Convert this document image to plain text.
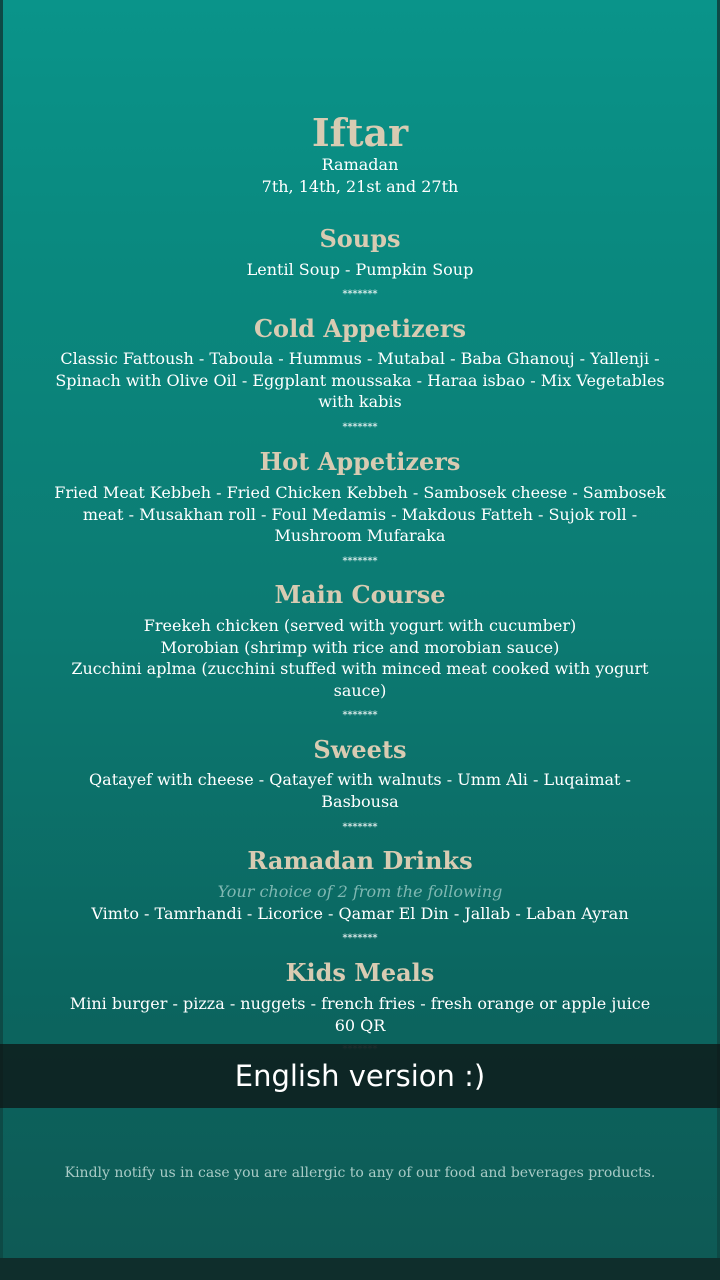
Iftar
Ramadan
7th, 14th, 21st and 27th
Soups
Lentil Soup - Pumpkin Soup
*******
Cold Appetizers
Classic Fattoush - Taboula - Hummus - Mutabal - Baba Ghanouj - Yallenji -
Spinach with Olive Oil - Eggplant moussaka - Haraa isbao - Mix Vegetables
with kabis
*******
Hot Appetizers
Fried Meat Kebbeh - Fried Chicken Kebbeh - Sambosek cheese - Sambosek
meat - Musakhan roll - Foul Medamis - Makdous Fatteh - Sujok roll -
Mushroom Mufaraka
*******
Main Course
Freekeh chicken (served with yogurt with cucumber)
Morobian (shrimp with rice and morobian sauce)
Zucchini aplma (zucchini stuffed with minced meat cooked with yogurt
sauce)
*******
Sweets
Qatayef with cheese - Qatayef with walnuts - Umm Ali - Luqaimat -
Basbousa
*******
Ramadan Drinks
Your choice of 2 from the following
Vimto - Tamrhandi - Licorice - Qamar El Din - Jallab - Laban Ayran
*******
Kids Meals
Mini burger - pizza - nuggets - french fries - fresh orange or apple juice
60 QR
Kindly notify us in case you are allergic to any of our food and beverages products.
English version :)
